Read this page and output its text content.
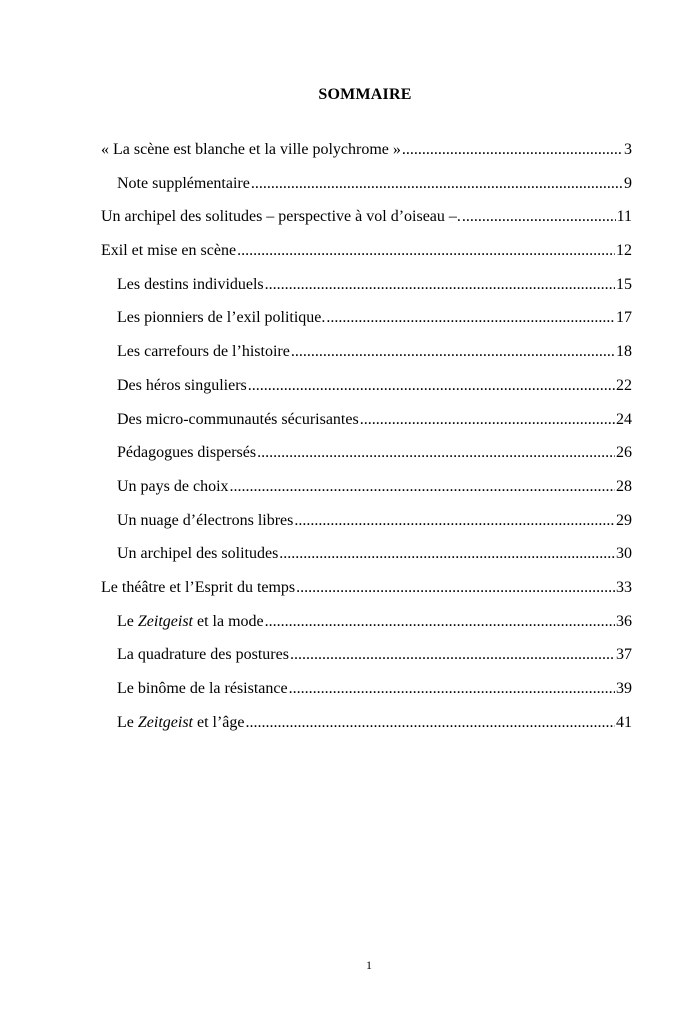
SOMMAIRE
« La scène est blanche et la ville polychrome » .....	3
Note supplémentaire .....	9
Un archipel des solitudes – perspective à vol d’oiseau –. .....	11
Exil et mise en scène .....	12
Les destins individuels .....	15
Les pionniers de l’exil politique. .....	17
Les carrefours de l’histoire .....	18
Des héros singuliers .....	22
Des micro-communautés sécurisantes .....	24
Pédagogues dispersés .....	26
Un pays de choix .....	28
Un nuage d’électrons libres .....	29
Un archipel des solitudes .....	30
Le théâtre et l’Esprit du temps .....	33
Le Zeitgeist et la mode .....	36
La quadrature des postures .....	37
Le binôme de la résistance .....	39
Le Zeitgeist et l’âge .....	41
1
